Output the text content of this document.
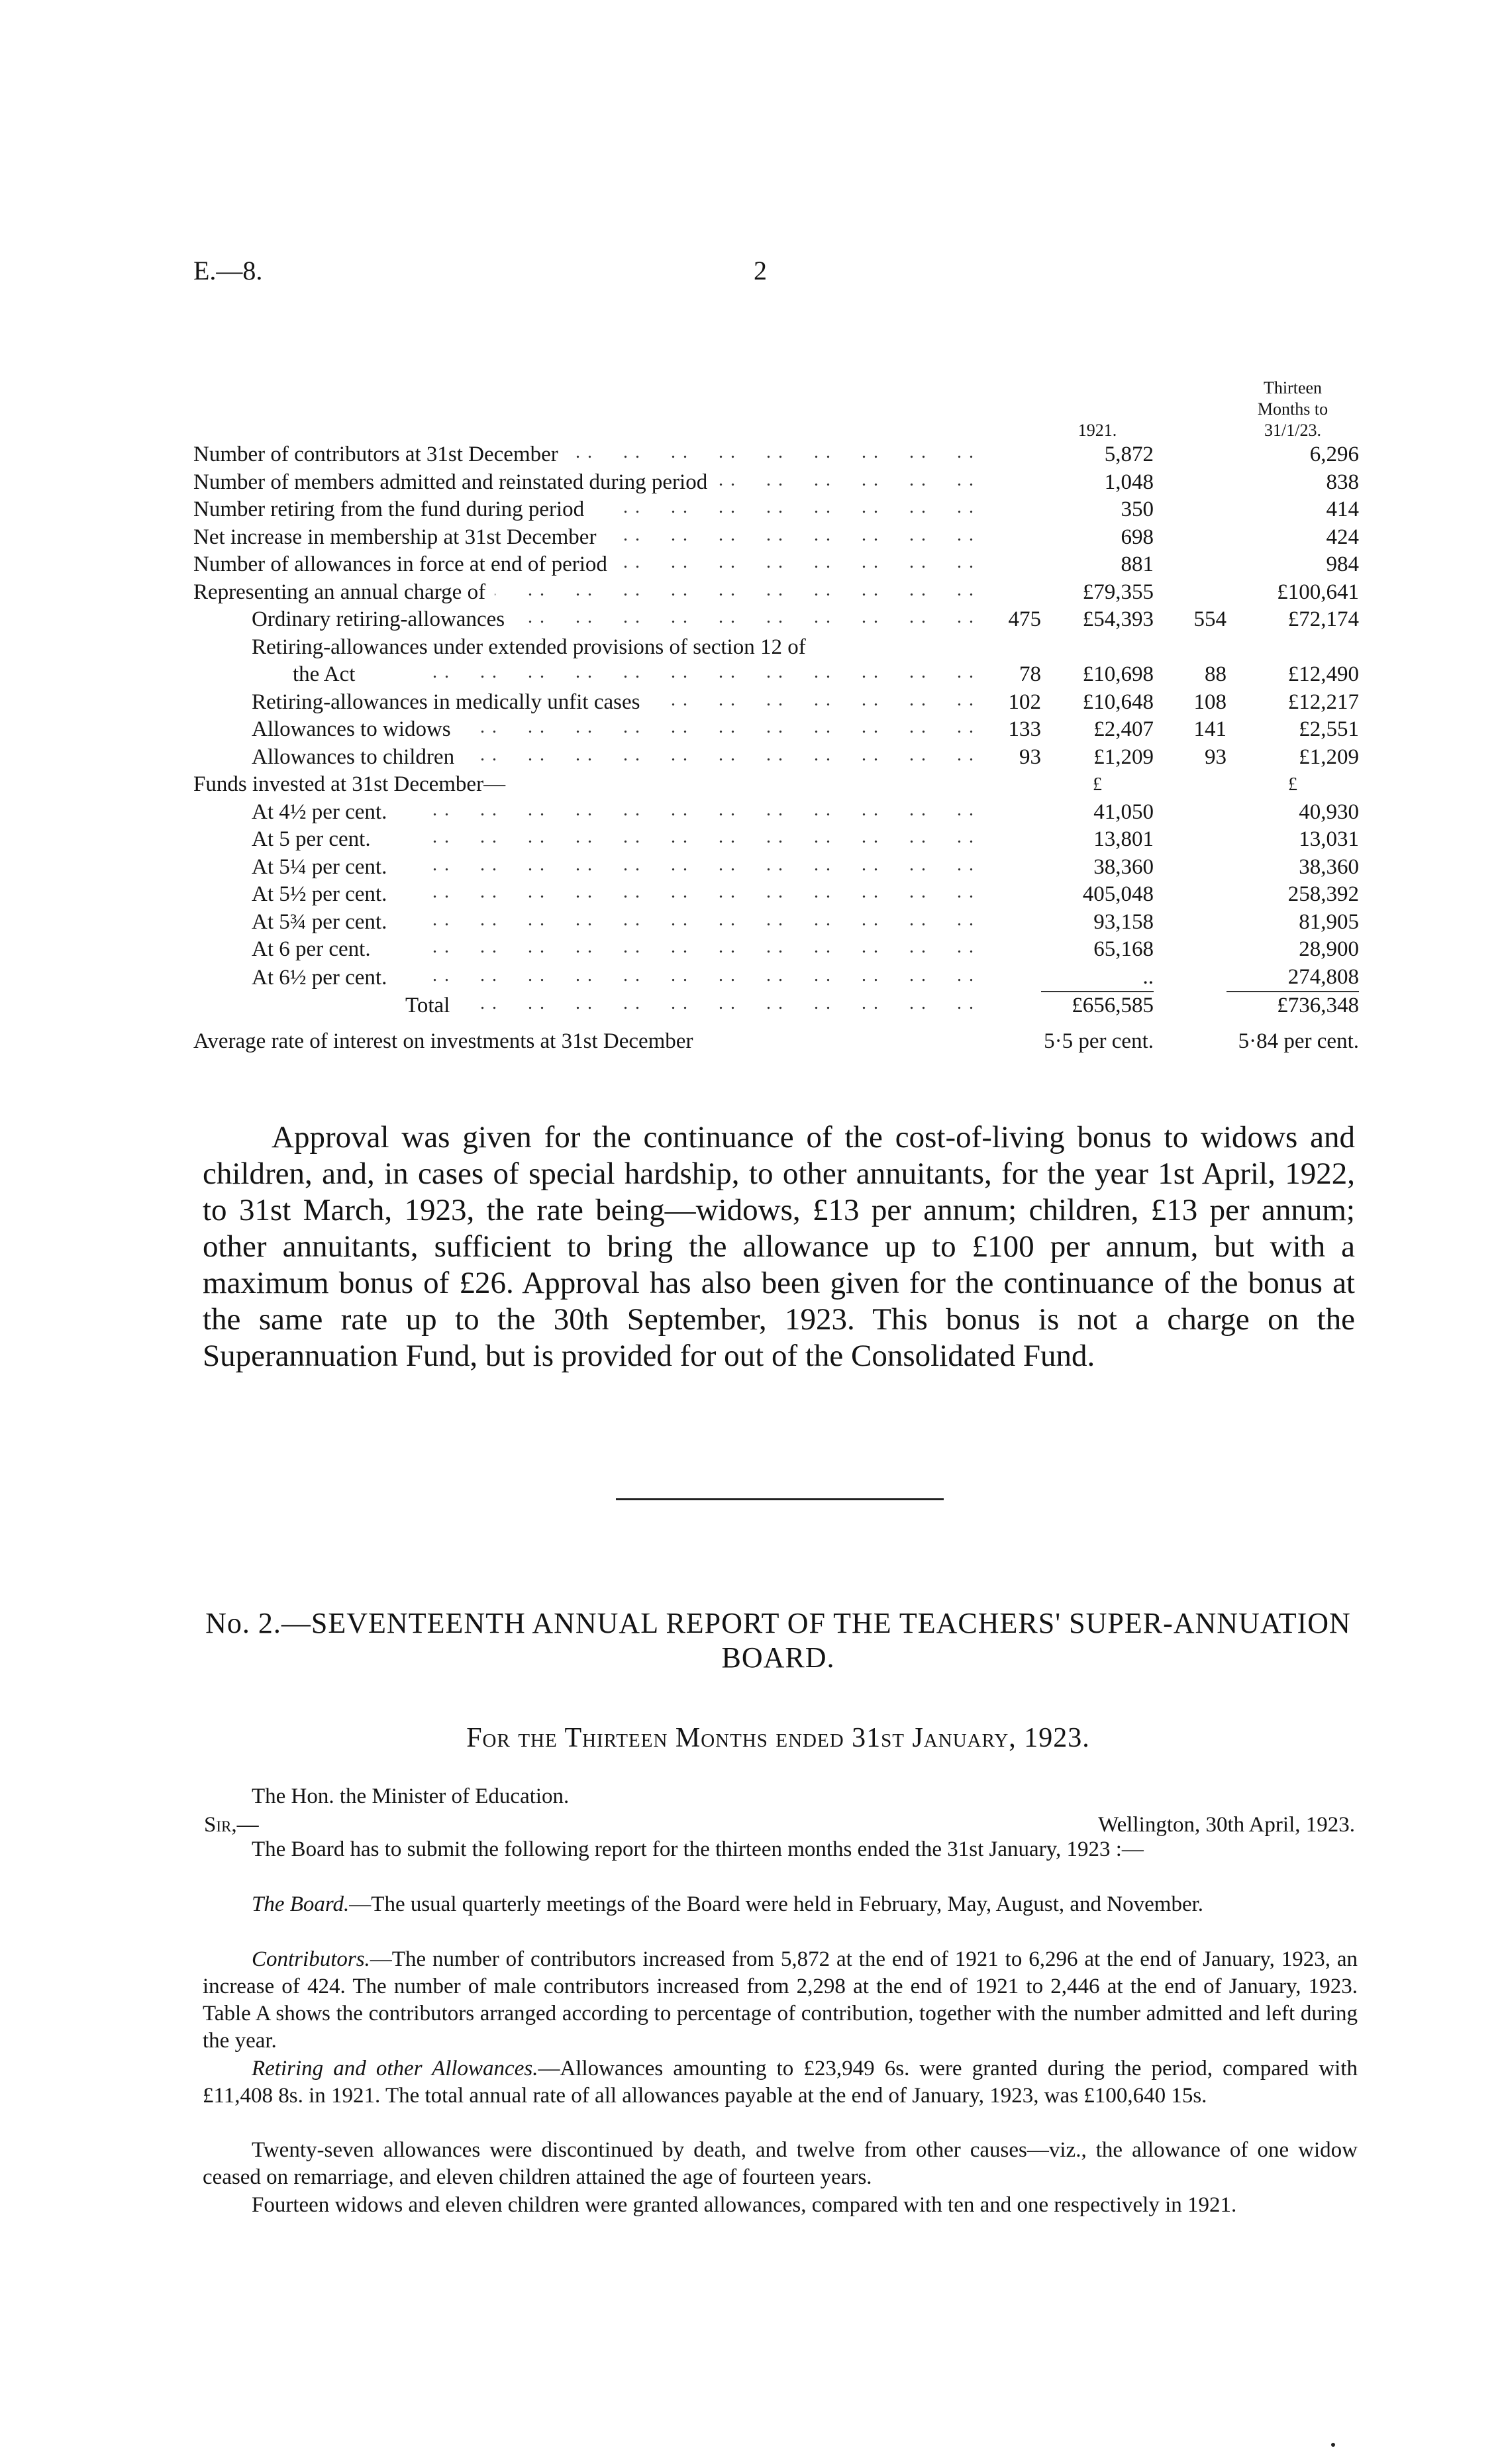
E.—8.	2
		1921.		Thirteen
Months to
31/1/23.
Number of contributors at 31st December . .		5,872		6,296
Number of members admitted and reinstated during period . .		1,048		838
Number retiring from the fund during period . .		350		414
Net increase in membership at 31st December . .		698		424
Number of allowances in force at end of period . .		881		984
Representing an annual charge of . .		£79,355		£100,641
Ordinary retiring-allowances . .	475	£54,393	554	£72,174
Retiring-allowances under extended provisions of section 12 of				
the Act . .	78	£10,698	88	£12,490
Retiring-allowances in medically unfit cases . .	102	£10,648	108	£12,217
Allowances to widows . .	133	£2,407	141	£2,551
Allowances to children . .	93	£1,209	93	£1,209
Funds invested at 31st December—		£		£
At 4½ per cent. . .		41,050		40,930
At 5 per cent. . .		13,801		13,031
At 5¼ per cent. . .		38,360		38,360
At 5½ per cent. . .		405,048		258,392
At 5¾ per cent. . .		93,158		81,905
At 6 per cent. . .		65,168		28,900
At 6½ per cent. . .		..		274,808
Total . .		£656,585		£736,348
Average rate of interest on investments at 31st December		5·5 per cent.		5·84 per cent.

Approval was given for the continuance of the cost-of-living bonus to widows and children, and, in cases of special hardship, to other annuitants, for the year 1st April, 1922, to 31st March, 1923, the rate being—widows, £13 per annum; children, £13 per annum; other annuitants, sufficient to bring the allowance up to £100 per annum, but with a maximum bonus of £26. Approval has also been given for the continuance of the bonus at the same rate up to the 30th September, 1923. This bonus is not a charge on the Superannuation Fund, but is provided for out of the Consolidated Fund.

No. 2.—SEVENTEENTH ANNUAL REPORT OF THE TEACHERS' SUPER-ANNUATION BOARD.
For the Thirteen Months ended 31st January, 1923.
The Hon. the Minister of Education.
Sir,—	Wellington, 30th April, 1923.

The Board has to submit the following report for the thirteen months ended the 31st January, 1923 :—

The Board.—The usual quarterly meetings of the Board were held in February, May, August, and November.

Contributors.—The number of contributors increased from 5,872 at the end of 1921 to 6,296 at the end of January, 1923, an increase of 424. The number of male contributors increased from 2,298 at the end of 1921 to 2,446 at the end of January, 1923. Table A shows the contributors arranged according to percentage of contribution, together with the number admitted and left during the year.

Retiring and other Allowances.—Allowances amounting to £23,949 6s. were granted during the period, compared with £11,408 8s. in 1921. The total annual rate of all allowances payable at the end of January, 1923, was £100,640 15s.

Twenty-seven allowances were discontinued by death, and twelve from other causes—viz., the allowance of one widow ceased on remarriage, and eleven children attained the age of fourteen years.

Fourteen widows and eleven children were granted allowances, compared with ten and one respectively in 1921.
